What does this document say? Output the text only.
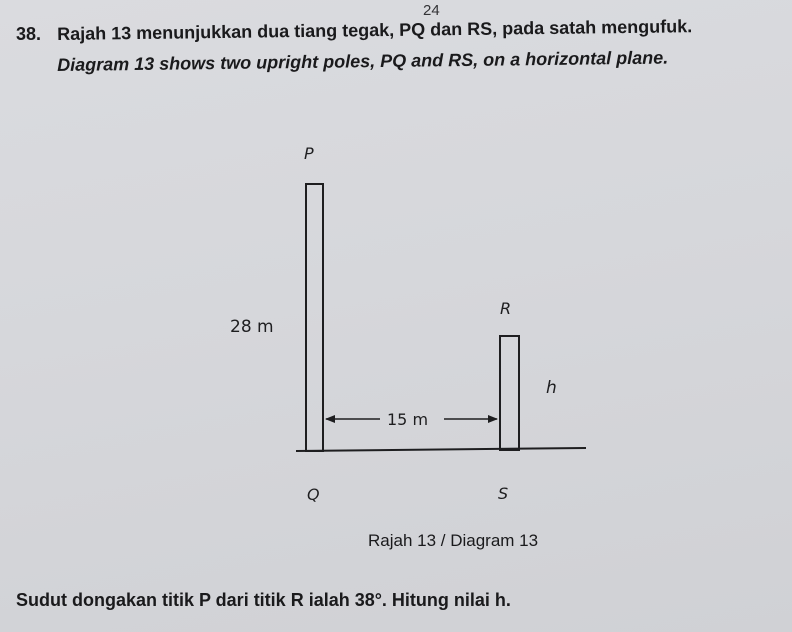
24
38. Rajah 13 menunjukkan dua tiang tegak, PQ dan RS, pada satah mengufuk.
Diagram 13 shows two upright poles, PQ and RS, on a horizontal plane.
P
R
Q	S
28 m
h
15 m
Rajah 13 / Diagram 13
Sudut dongakan titik P dari titik R ialah 38°. Hitung nilai h.
